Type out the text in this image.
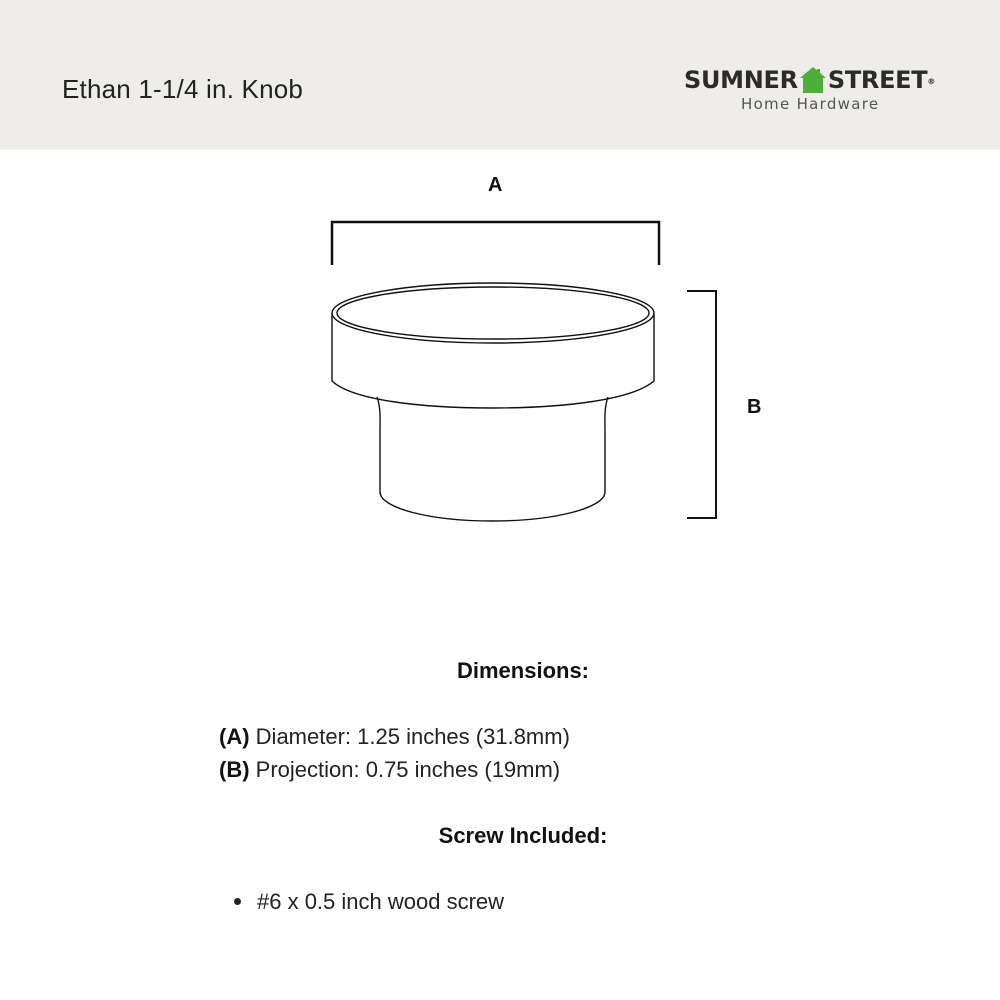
Ethan 1-1/4 in. Knob	SUMNER STREET®
Home Hardware
A
B
Dimensions:
(A) Diameter: 1.25 inches (31.8mm)
(B) Projection: 0.75 inches (19mm)
Screw Included:
#6 x 0.5 inch wood screw
